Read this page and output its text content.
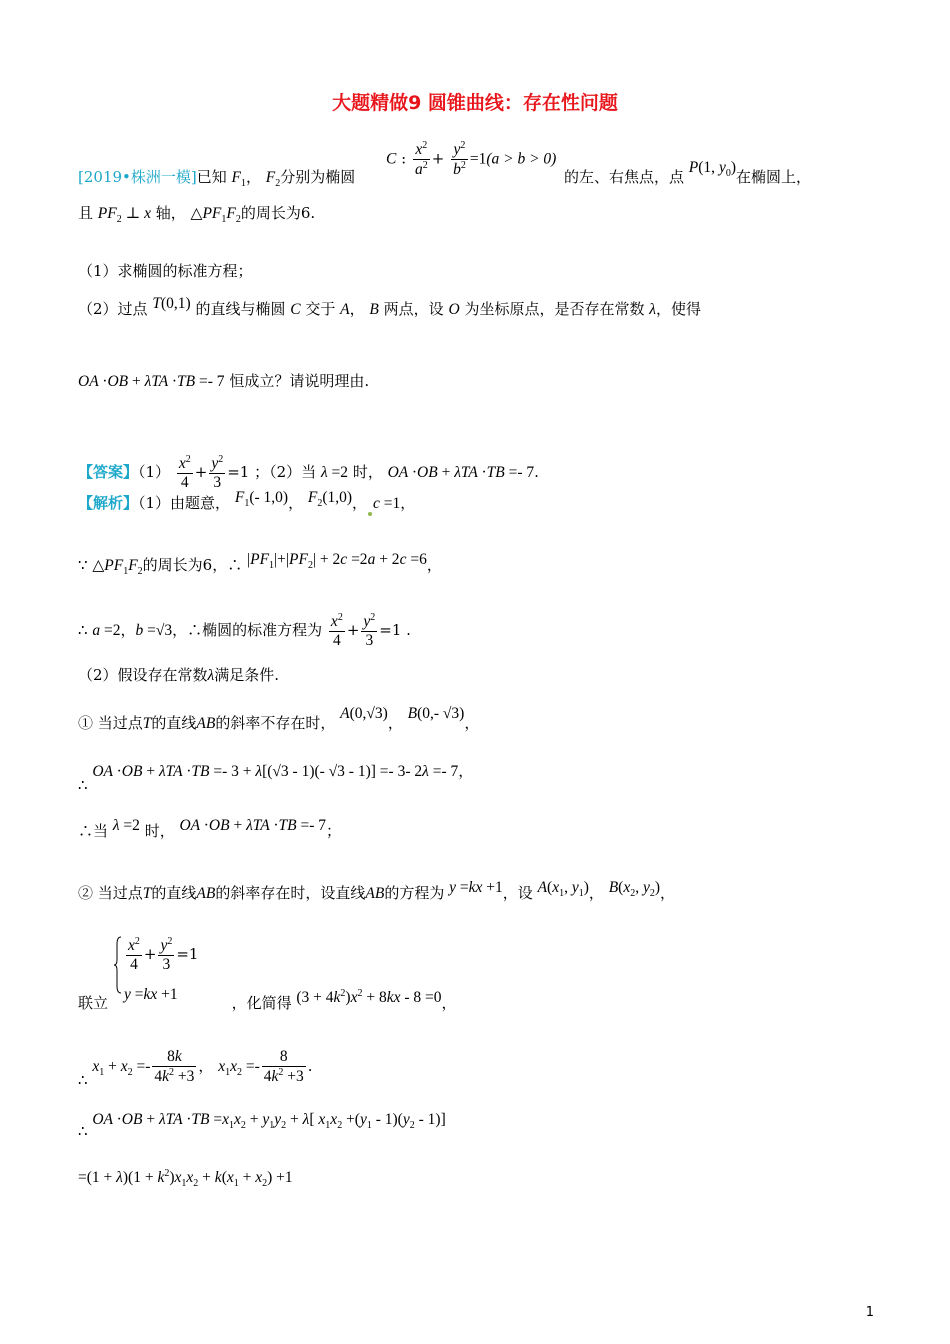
大题精做9 圆锥曲线：存在性问题
[2019•株洲一模]已知 $F_1$， $F_2$分别为椭圆
C : $\frac{x^2}{a^2} + \frac{y^2}{b^2} =1(a > b > 0)$
的左、右焦点，点 P(1, $y_0$)在椭圆上，
且 $PF_2$ ⊥ x 轴， $\triangle PF_1F_2$的周长为6.
（1）求椭圆的标准方程；
（2）过点 T(0,1) 的直线与椭圆 C 交于 A， B 两点，设 O 为坐标原点，是否存在常数 λ，使得
OA ·OB + λTA ·TB =- 7 恒成立？请说明理由.
【答案】$(1) \frac{x^2}{4} + \frac{y^2}{3} =1$ ；（2）当 λ =2 时， OA ·OB + λTA ·TB =- 7.
【解析】（1）由题意， $F_1(-$ 1,0)， $F_2(1,0)$， c =1，
∵ $\triangle PF_1F_2$的周长为6，∴ $|PF_1|+|PF_2| + 2c =2a + 2c =6$，
∴ a =2，b =√3，∴椭圆的标准方程为 $\frac{x^2}{4} + \frac{y^2}{3} =1$ .
（2）假设存在常数λ满足条件.
① 当过点T的直线AB的斜率不存在时， A(0,√3)， B(0,- √3)，
∴ OA ·OB + λTA ·TB =- 3 + λ[(√3 - 1)(- √3 - 1)] =- 3- 2λ =- 7，
∴当 λ =2 时， OA ·OB + λTA ·TB =- 7；
② 当过点T的直线AB的斜率存在时，设直线AB的方程为 y =kx +1，设 $A(x_1$, $y_1$)， $B(x_2$, $y_2$)，
$\frac{x^2}{4} + \frac{y^2}{3} =1$
y =kx +1
联立	，化简得 $(3 + 4k^2)x^2 + 8kx - 8 =0$，
∴ $x_1 + x_2 =- \frac{8k}{4k^2 +3}$ ， $x_1x_2 =- \frac{8}{4k^2 +3}$ .
∴ OA $\cdot OB + \lambda TA \cdot TB =x_1x_2 + y_1y_2 + \lambda$[ $x_1x_2 +(y_1 - 1)(y_2 - 1)$]
$=(1 + \lambda)(1 + k^2)x_1x_2 + k(x_1 + x_2) +1$
1
